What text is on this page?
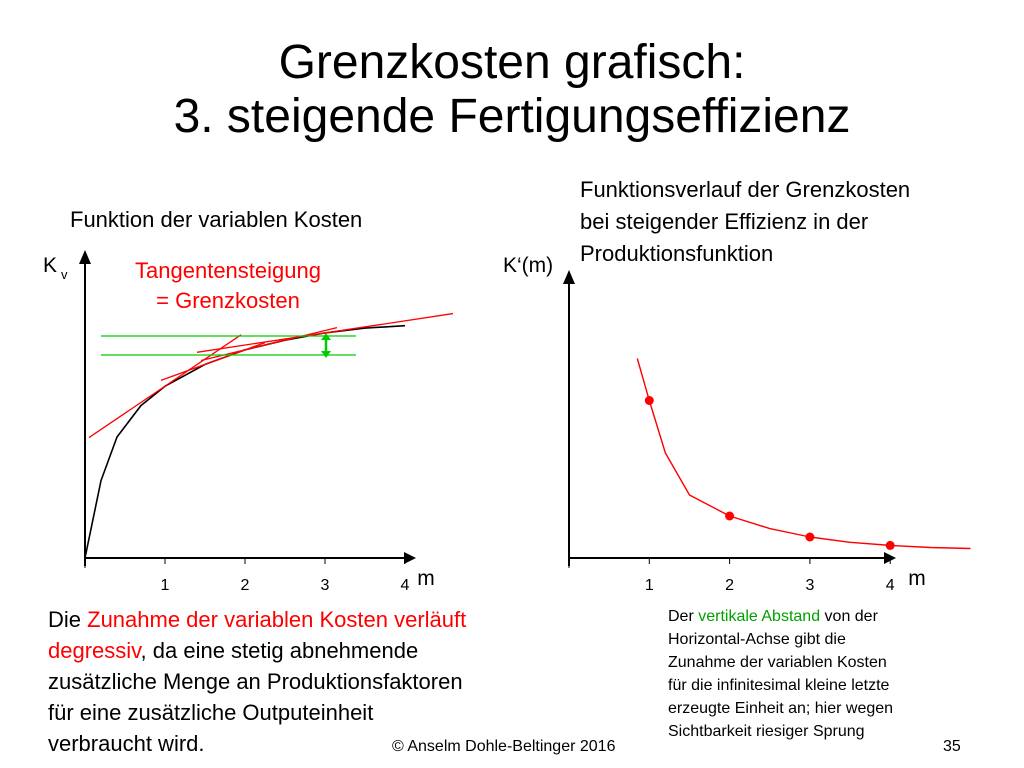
Grenzkosten grafisch:
3. steigende Fertigungseffizienz
Funktion der variablen Kosten
Funktionsverlauf der Grenzkosten
bei steigender Effizienz in der
Produktionsfunktion
Tangentensteigung
= Grenzkosten
1	2	3	4 m
K v
1	2	3	4 m
K‘(m)
Die Zunahme der variablen Kosten verläuft
degressiv, da eine stetig abnehmende
zusätzliche Menge an Produktionsfaktoren
für eine zusätzliche Outputeinheit
verbraucht wird.
Der vertikale Abstand von der
Horizontal-Achse gibt die
Zunahme der variablen Kosten
für die infinitesimal kleine letzte
erzeugte Einheit an; hier wegen
Sichtbarkeit riesiger Sprung
© Anselm Dohle-Beltinger 2016	35
